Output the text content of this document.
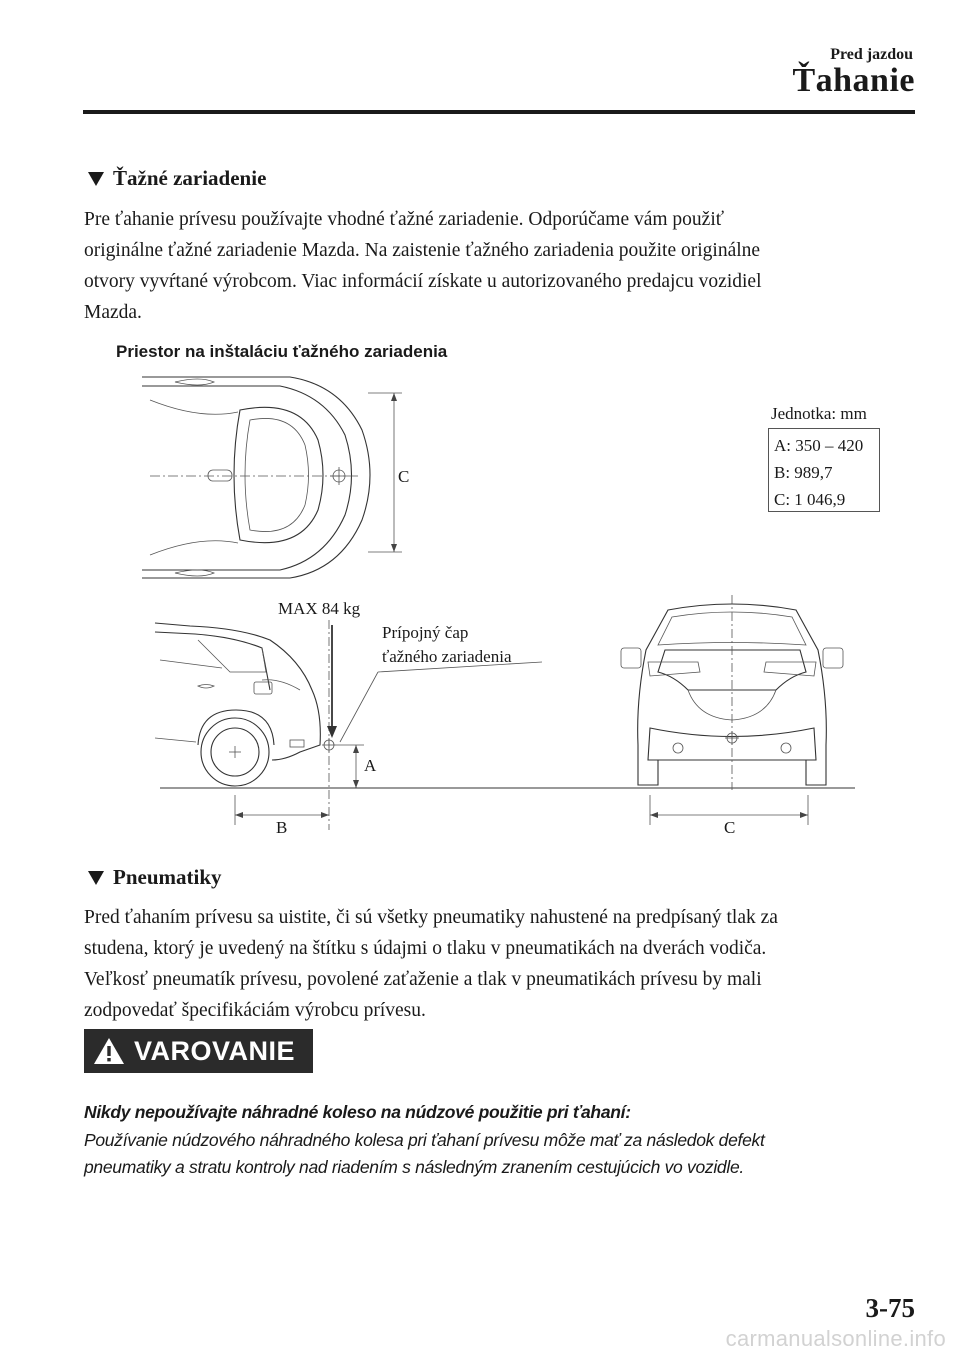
Pred jazdou
Ťahanie
Ťažné zariadenie
Pre ťahanie prívesu používajte vhodné ťažné zariadenie. Odporúčame vám použiť
originálne ťažné zariadenie Mazda. Na zaistenie ťažného zariadenia použite originálne
otvory vyvŕtané výrobcom. Viac informácií získate u autorizovaného predajcu vozidiel
Mazda.
Priestor na inštaláciu ťažného zariadenia
C
MAX 84 kg
Prípojný čap
ťažného zariadenia
A
B	C
Jednotka: mm
A: 350 – 420
B: 989,7
C: 1 046,9
Pneumatiky
Pred ťahaním prívesu sa uistite, či sú všetky pneumatiky nahustené na predpísaný tlak za
studena, ktorý je uvedený na štítku s údajmi o tlaku v pneumatikách na dverách vodiča.
Veľkosť pneumatík prívesu, povolené zaťaženie a tlak v pneumatikách prívesu by mali
zodpovedať špecifikáciám výrobcu prívesu.
VAROVANIE
Nikdy nepoužívajte náhradné koleso na núdzové použitie pri ťahaní:
Používanie núdzového náhradného kolesa pri ťahaní prívesu môže mať za následok defekt
pneumatiky a stratu kontroly nad riadením s následným zranením cestujúcich vo vozidle.
3-75
carmanualsonline.info
